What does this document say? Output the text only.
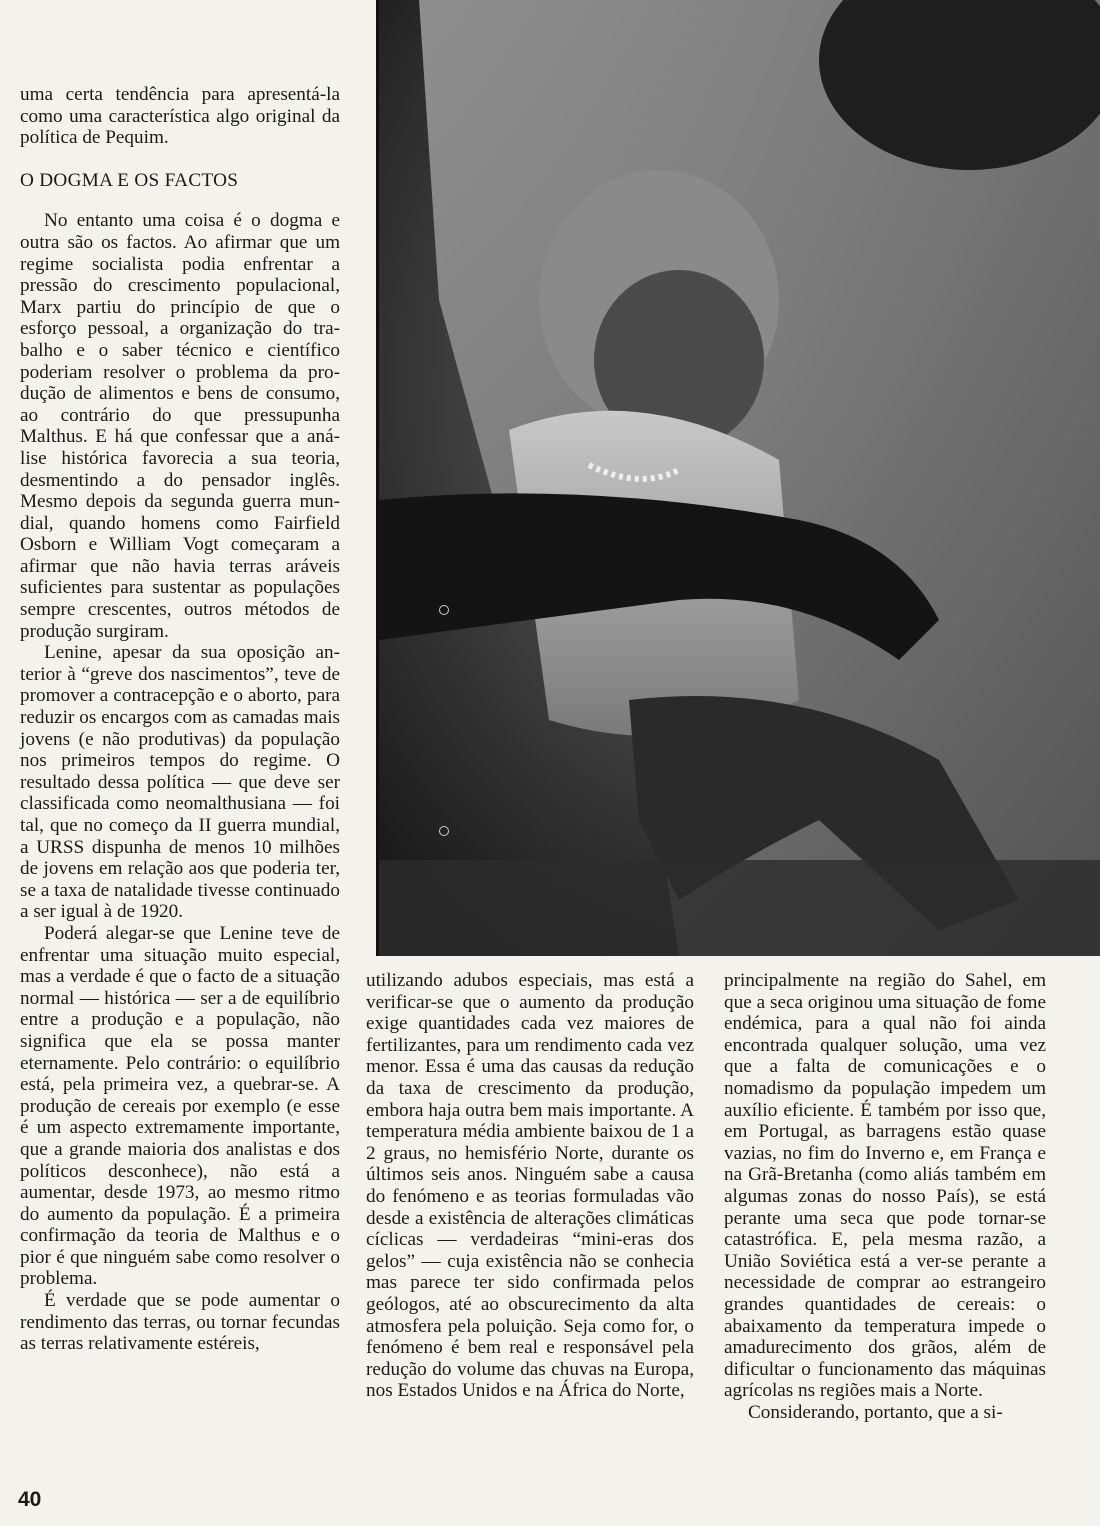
uma certa tendência para apresentá-la como uma característica algo original da política de Pequim.

O DOGMA E OS FACTOS

No entanto uma coisa é o dogma e outra são os factos. Ao afirmar que um regime socialista podia enfrentar a pressão do crescimento populacional, Marx partiu do princípio de que o esforço pessoal, a organização do trabalho e o saber técnico e científico poderiam resolver o problema da produção de alimentos e bens de consumo, ao contrário do que pressupunha Malthus. E há que confessar que a análise histórica favorecia a sua teoria, desmentindo a do pensador inglês. Mesmo depois da segunda guerra mundial, quando homens como Fairfield Osborn e William Vogt começaram a afirmar que não havia terras aráveis suficientes para sustentar as populações sempre crescentes, outros métodos de produção surgiram.

Lenine, apesar da sua oposição anterior à “greve dos nascimentos”, teve de promover a contracepção e o aborto, para reduzir os encargos com as camadas mais jovens (e não produtivas) da população nos primeiros tempos do regime. O resultado dessa política — que deve ser classificada como neomalthusiana — foi tal, que no começo da II guerra mundial, a URSS dispunha de menos 10 milhões de jovens em relação aos que poderia ter, se a taxa de natalidade tivesse continuado a ser igual à de 1920.

Poderá alegar-se que Lenine teve de enfrentar uma situação muito especial, mas a verdade é que o facto de a situação normal — histórica — ser a de equilíbrio entre a produção e a população, não significa que ela se possa manter eternamente. Pelo contrário: o equilíbrio está, pela primeira vez, a quebrar-se. A produção de cereais por exemplo (e esse é um aspecto extremamente importante, que a grande maioria dos analistas e dos políticos desconhece), não está a aumentar, desde 1973, ao mesmo ritmo do aumento da população. É a primeira confirmação da teoria de Malthus e o pior é que ninguém sabe como resolver o problema.

É verdade que se pode aumentar o rendimento das terras, ou tornar fecundas as terras relativamente estéreis,

utilizando adubos especiais, mas está a verificar-se que o aumento da produção exige quantidades cada vez maiores de fertilizantes, para um rendimento cada vez menor. Essa é uma das causas da redução da taxa de crescimento da produção, embora haja outra bem mais importante. A temperatura média ambiente baixou de 1 a 2 graus, no hemisfério Norte, durante os últimos seis anos. Ninguém sabe a causa do fenómeno e as teorias formuladas vão desde a existência de alterações climáticas cíclicas — verdadeiras “mini-eras dos gelos” — cuja existência não se conhecia mas parece ter sido confirmada pelos geólogos, até ao obscurecimento da alta atmosfera pela poluição. Seja como for, o fenómeno é bem real e responsável pela redução do volume das chuvas na Europa, nos Estados Unidos e na África do Norte,

principalmente na região do Sahel, em que a seca originou uma situação de fome endémica, para a qual não foi ainda encontrada qualquer solução, uma vez que a falta de comunicações e o nomadismo da população impedem um auxílio eficiente. É também por isso que, em Portugal, as barragens estão quase vazias, no fim do Inverno e, em França e na Grã-Bretanha (como aliás também em algumas zonas do nosso País), se está perante uma seca que pode tornar-se catastrófica. E, pela mesma razão, a União Soviética está a ver-se perante a necessidade de comprar ao estrangeiro grandes quantidades de cereais: o abaixamento da temperatura impede o amadurecimento dos grãos, além de dificultar o funcionamento das máquinas agrícolas ns regiões mais a Norte.

Considerando, portanto, que a si-

40
